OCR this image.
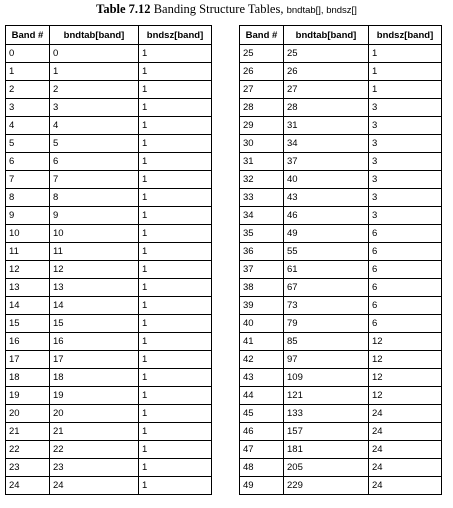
Table 7.12 Banding Structure Tables, bndtab[], bndsz[]
Band #	bndtab[band]	bndsz[band]
0	0	1
1	1	1
2	2	1
3	3	1
4	4	1
5	5	1
6	6	1
7	7	1
8	8	1
9	9	1
10	10	1
11	11	1
12	12	1
13	13	1
14	14	1
15	15	1
16	16	1
17	17	1
18	18	1
19	19	1
20	20	1
21	21	1
22	22	1
23	23	1
24	24	1
Band #	bndtab[band]	bndsz[band]
25	25	1
26	26	1
27	27	1
28	28	3
29	31	3
30	34	3
31	37	3
32	40	3
33	43	3
34	46	3
35	49	6
36	55	6
37	61	6
38	67	6
39	73	6
40	79	6
41	85	12
42	97	12
43	109	12
44	121	12
45	133	24
46	157	24
47	181	24
48	205	24
49	229	24
